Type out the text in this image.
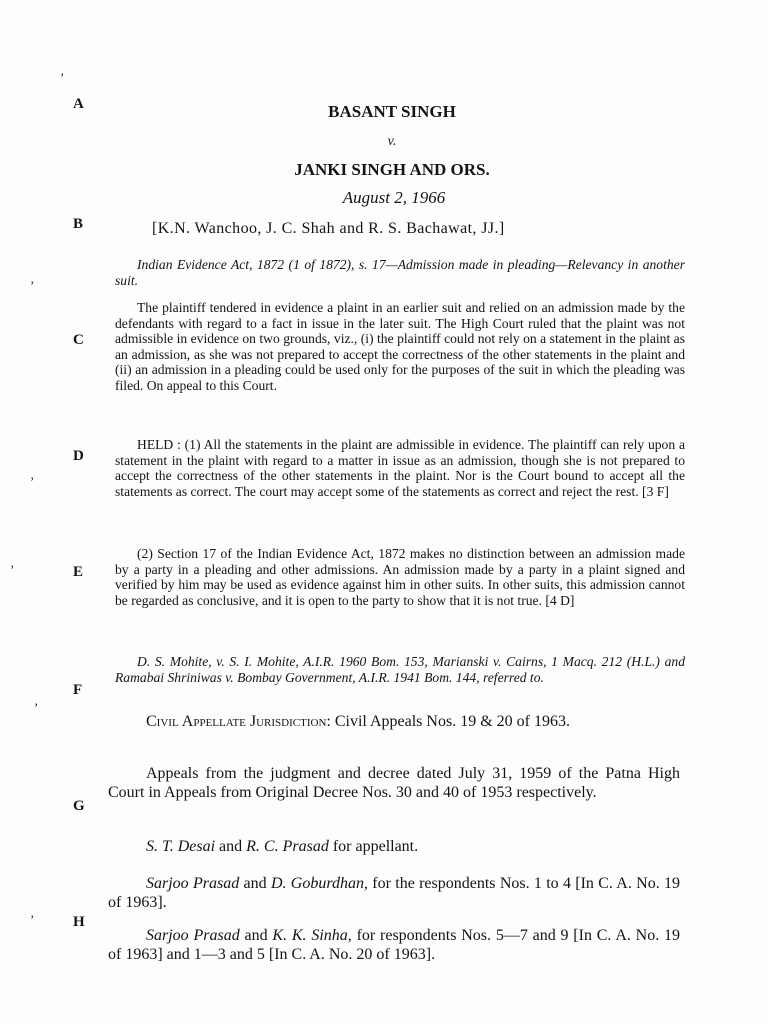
’
’
’
’
’
’
A
B
C
D
E
F
G
H
BASANT SINGH
v.
JANKI SINGH AND ORS.
August 2, 1966
[K.N. Wanchoo, J. C. Shah and R. S. Bachawat, JJ.]
Indian Evidence Act, 1872 (1 of 1872), s. 17—Admission made in pleading—Relevancy in another suit.
The plaintiff tendered in evidence a plaint in an earlier suit and relied on an admission made by the defendants with regard to a fact in issue in the later suit. The High Court ruled that the plaint was not admissible in evidence on two grounds, viz., (i) the plaintiff could not rely on a statement in the plaint as an admission, as she was not prepared to accept the correctness of the other statements in the plaint and (ii) an admission in a pleading could be used only for the purposes of the suit in which the pleading was filed. On appeal to this Court.
HELD : (1) All the statements in the plaint are admissible in evidence. The plaintiff can rely upon a statement in the plaint with regard to a matter in issue as an admission, though she is not prepared to accept the correctness of the other statements in the plaint. Nor is the Court bound to accept all the statements as correct. The court may accept some of the statements as correct and reject the rest. [3 F]
(2) Section 17 of the Indian Evidence Act, 1872 makes no distinction between an admission made by a party in a pleading and other admissions. An admission made by a party in a plaint signed and verified by him may be used as evidence against him in other suits. In other suits, this admission cannot be regarded as conclusive, and it is open to the party to show that it is not true. [4 D]
D. S. Mohite, v. S. I. Mohite, A.I.R. 1960 Bom. 153, Marianski v. Cairns, 1 Macq. 212 (H.L.) and Ramabai Shriniwas v. Bombay Government, A.I.R. 1941 Bom. 144, referred to.
Civil Appellate Jurisdiction: Civil Appeals Nos. 19 & 20 of 1963.
Appeals from the judgment and decree dated July 31, 1959 of the Patna High Court in Appeals from Original Decree Nos. 30 and 40 of 1953 respectively.
S. T. Desai and R. C. Prasad for appellant.
Sarjoo Prasad and D. Goburdhan, for the respondents Nos. 1 to 4 [In C. A. No. 19 of 1963].
Sarjoo Prasad and K. K. Sinha, for respondents Nos. 5—7 and 9 [In C. A. No. 19 of 1963] and 1—3 and 5 [In C. A. No. 20 of 1963].
